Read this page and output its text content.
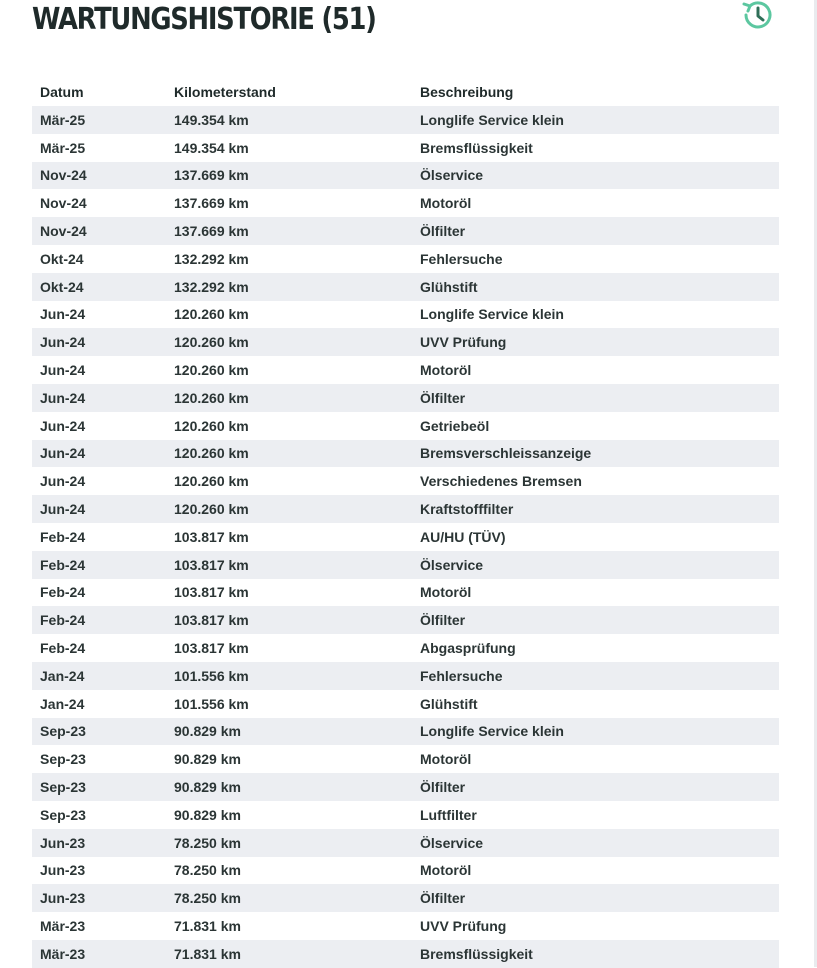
WARTUNGSHISTORIE (51)
Datum	Kilometerstand	Beschreibung
Mär-25	149.354 km	Longlife Service klein
Mär-25	149.354 km	Bremsflüssigkeit
Nov-24	137.669 km	Ölservice
Nov-24	137.669 km	Motoröl
Nov-24	137.669 km	Ölfilter
Okt-24	132.292 km	Fehlersuche
Okt-24	132.292 km	Glühstift
Jun-24	120.260 km	Longlife Service klein
Jun-24	120.260 km	UVV Prüfung
Jun-24	120.260 km	Motoröl
Jun-24	120.260 km	Ölfilter
Jun-24	120.260 km	Getriebeöl
Jun-24	120.260 km	Bremsverschleissanzeige
Jun-24	120.260 km	Verschiedenes Bremsen
Jun-24	120.260 km	Kraftstofffilter
Feb-24	103.817 km	AU/HU (TÜV)
Feb-24	103.817 km	Ölservice
Feb-24	103.817 km	Motoröl
Feb-24	103.817 km	Ölfilter
Feb-24	103.817 km	Abgasprüfung
Jan-24	101.556 km	Fehlersuche
Jan-24	101.556 km	Glühstift
Sep-23	90.829 km	Longlife Service klein
Sep-23	90.829 km	Motoröl
Sep-23	90.829 km	Ölfilter
Sep-23	90.829 km	Luftfilter
Jun-23	78.250 km	Ölservice
Jun-23	78.250 km	Motoröl
Jun-23	78.250 km	Ölfilter
Mär-23	71.831 km	UVV Prüfung
Mär-23	71.831 km	Bremsflüssigkeit
